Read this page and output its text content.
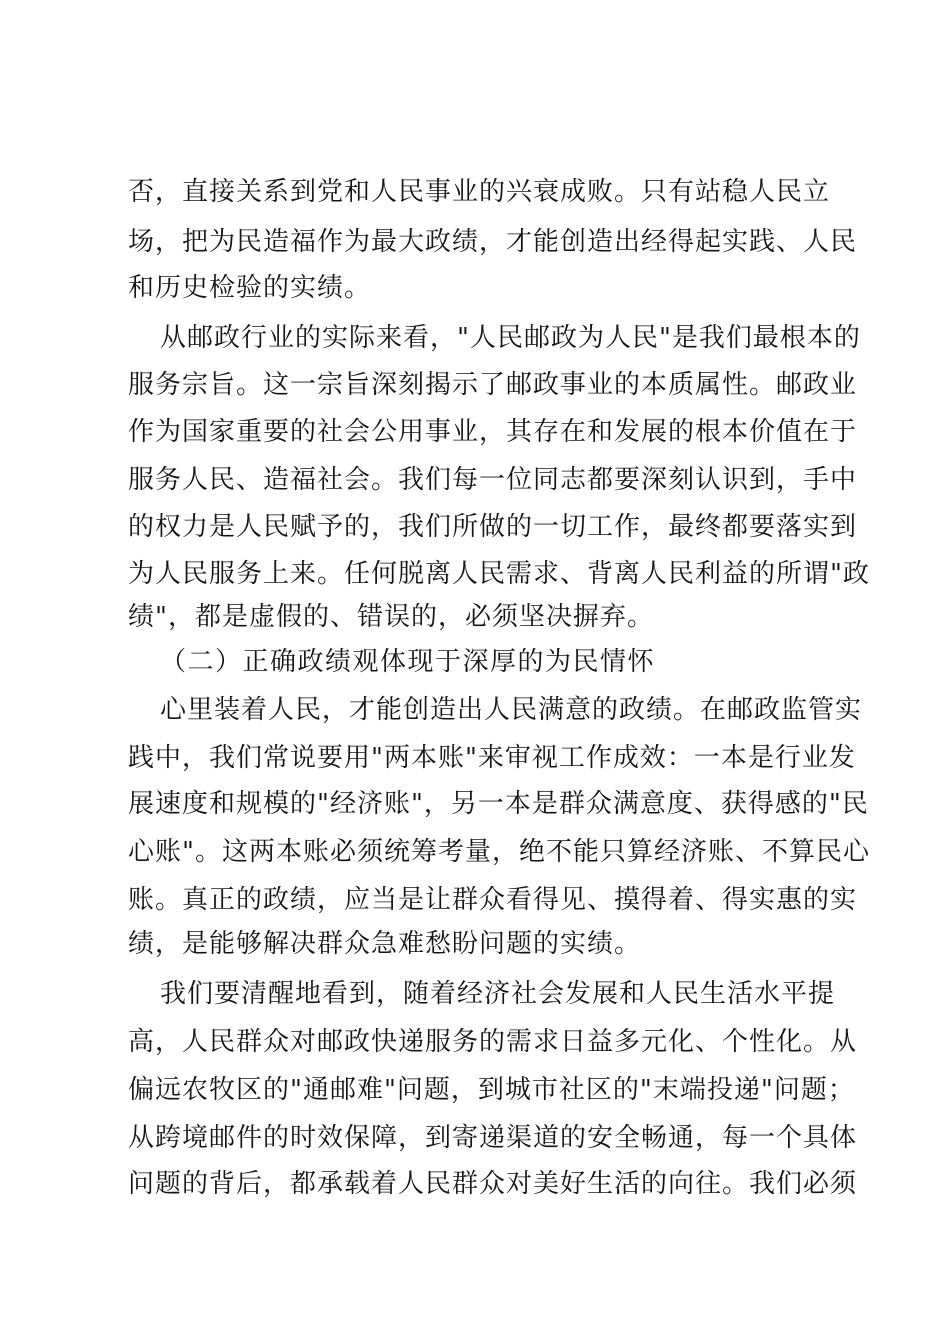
否，直接关系到党和人民事业的兴衰成败。只有站稳人民立
场，把为民造福作为最大政绩，才能创造出经得起实践、人民
和历史检验的实绩。
从邮政行业的实际来看，"人民邮政为人民"是我们最根本的
服务宗旨。这一宗旨深刻揭示了邮政事业的本质属性。邮政业
作为国家重要的社会公用事业，其存在和发展的根本价值在于
服务人民、造福社会。我们每一位同志都要深刻认识到，手中
的权力是人民赋予的，我们所做的一切工作，最终都要落实到
为人民服务上来。任何脱离人民需求、背离人民利益的所谓"政
绩"，都是虚假的、错误的，必须坚决摒弃。
（二）正确政绩观体现于深厚的为民情怀
心里装着人民，才能创造出人民满意的政绩。在邮政监管实
践中，我们常说要用"两本账"来审视工作成效：一本是行业发
展速度和规模的"经济账"，另一本是群众满意度、获得感的"民
心账"。这两本账必须统筹考量，绝不能只算经济账、不算民心
账。真正的政绩，应当是让群众看得见、摸得着、得实惠的实
绩，是能够解决群众急难愁盼问题的实绩。
我们要清醒地看到，随着经济社会发展和人民生活水平提
高，人民群众对邮政快递服务的需求日益多元化、个性化。从
偏远农牧区的"通邮难"问题，到城市社区的"末端投递"问题；
从跨境邮件的时效保障，到寄递渠道的安全畅通，每一个具体
问题的背后，都承载着人民群众对美好生活的向往。我们必须
